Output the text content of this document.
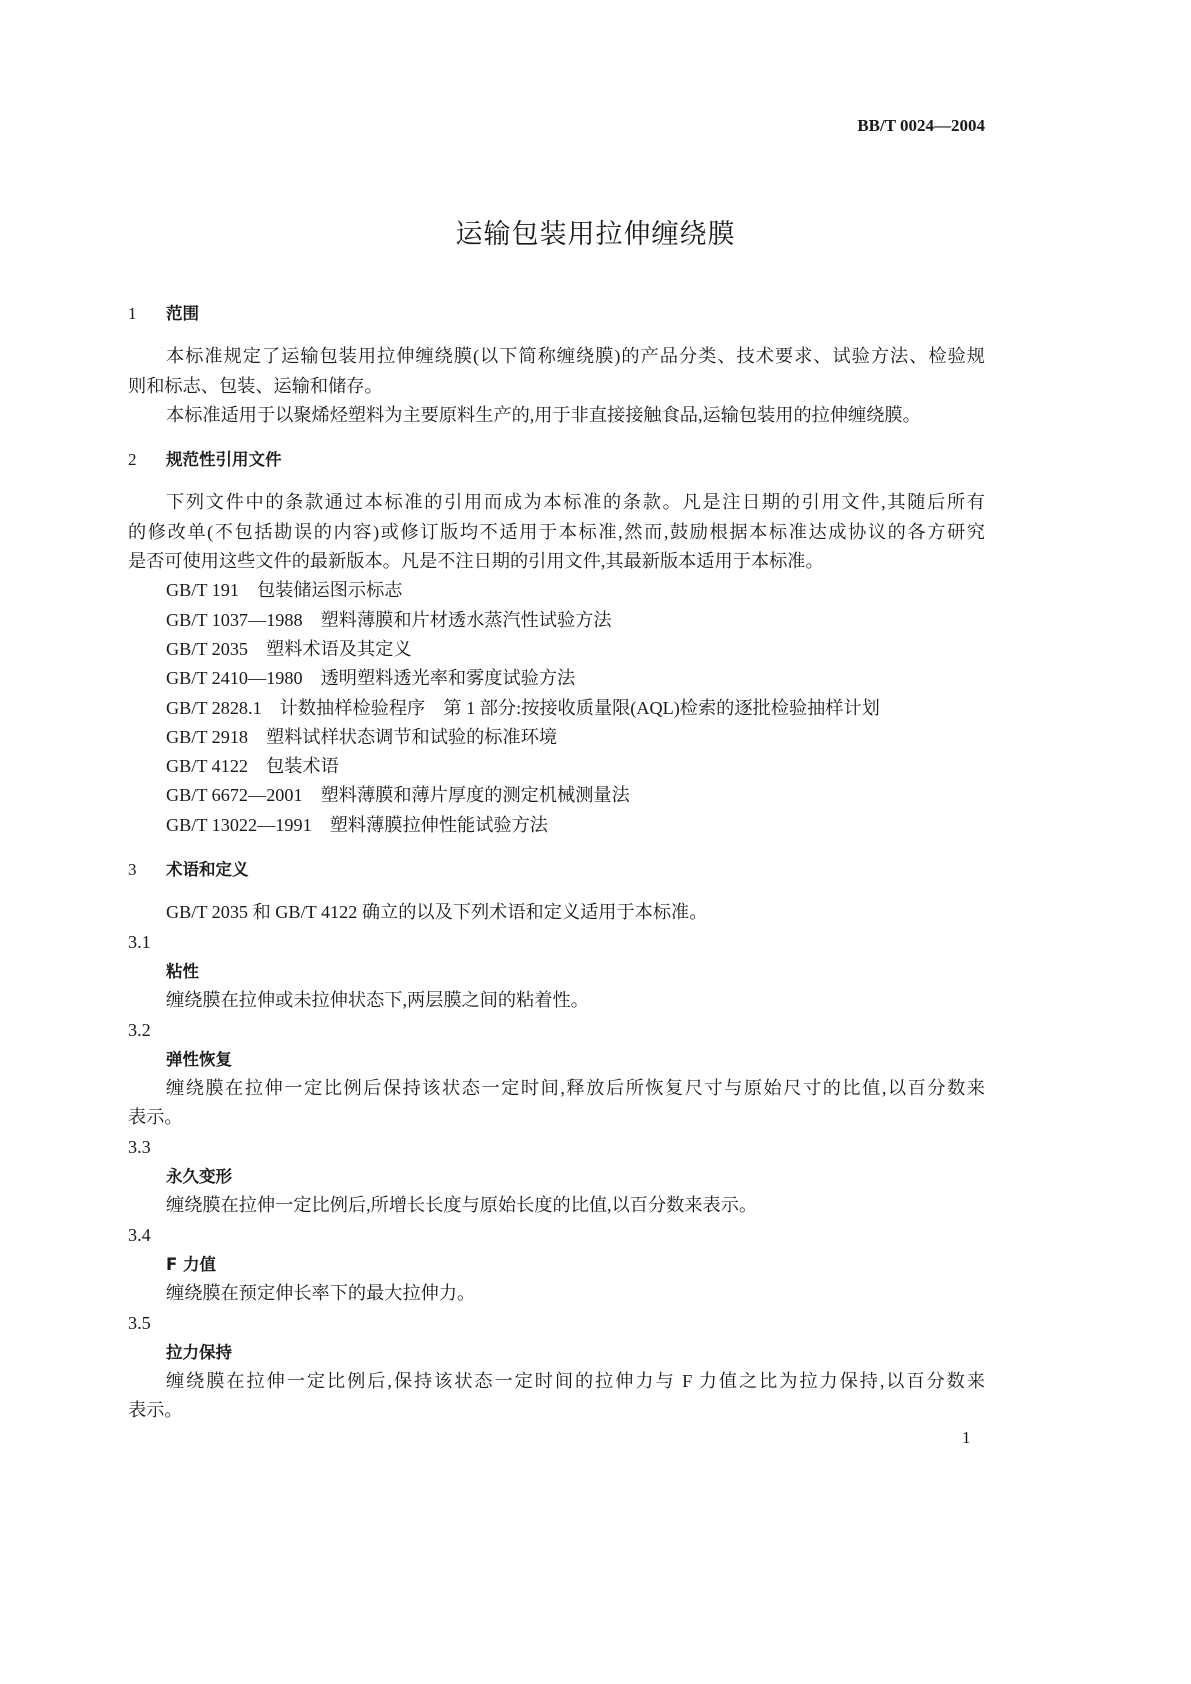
BB/T 0024—2004
运输包装用拉伸缠绕膜
1 范围
本标准规定了运输包装用拉伸缠绕膜(以下简称缠绕膜)的产品分类、技术要求、试验方法、检验规
则和标志、包装、运输和储存。
本标准适用于以聚烯烃塑料为主要原料生产的,用于非直接接触食品,运输包装用的拉伸缠绕膜。
2 规范性引用文件
下列文件中的条款通过本标准的引用而成为本标准的条款。凡是注日期的引用文件,其随后所有
的修改单(不包括勘误的内容)或修订版均不适用于本标准,然而,鼓励根据本标准达成协议的各方研究
是否可使用这些文件的最新版本。凡是不注日期的引用文件,其最新版本适用于本标准。
GB/T 191 包装储运图示标志
GB/T 1037—1988 塑料薄膜和片材透水蒸汽性试验方法
GB/T 2035 塑料术语及其定义
GB/T 2410—1980 透明塑料透光率和雾度试验方法
GB/T 2828.1 计数抽样检验程序　第 1 部分:按接收质量限(AQL)检索的逐批检验抽样计划
GB/T 2918 塑料试样状态调节和试验的标准环境
GB/T 4122 包装术语
GB/T 6672—2001 塑料薄膜和薄片厚度的测定机械测量法
GB/T 13022—1991 塑料薄膜拉伸性能试验方法
3 术语和定义
GB/T 2035 和 GB/T 4122 确立的以及下列术语和定义适用于本标准。
3.1
粘性
缠绕膜在拉伸或未拉伸状态下,两层膜之间的粘着性。
3.2
弹性恢复
缠绕膜在拉伸一定比例后保持该状态一定时间,释放后所恢复尺寸与原始尺寸的比值,以百分数来
表示。
3.3
永久变形
缠绕膜在拉伸一定比例后,所增长长度与原始长度的比值,以百分数来表示。
3.4
F 力值
缠绕膜在预定伸长率下的最大拉伸力。
3.5
拉力保持
缠绕膜在拉伸一定比例后,保持该状态一定时间的拉伸力与 F 力值之比为拉力保持,以百分数来
表示。
1
